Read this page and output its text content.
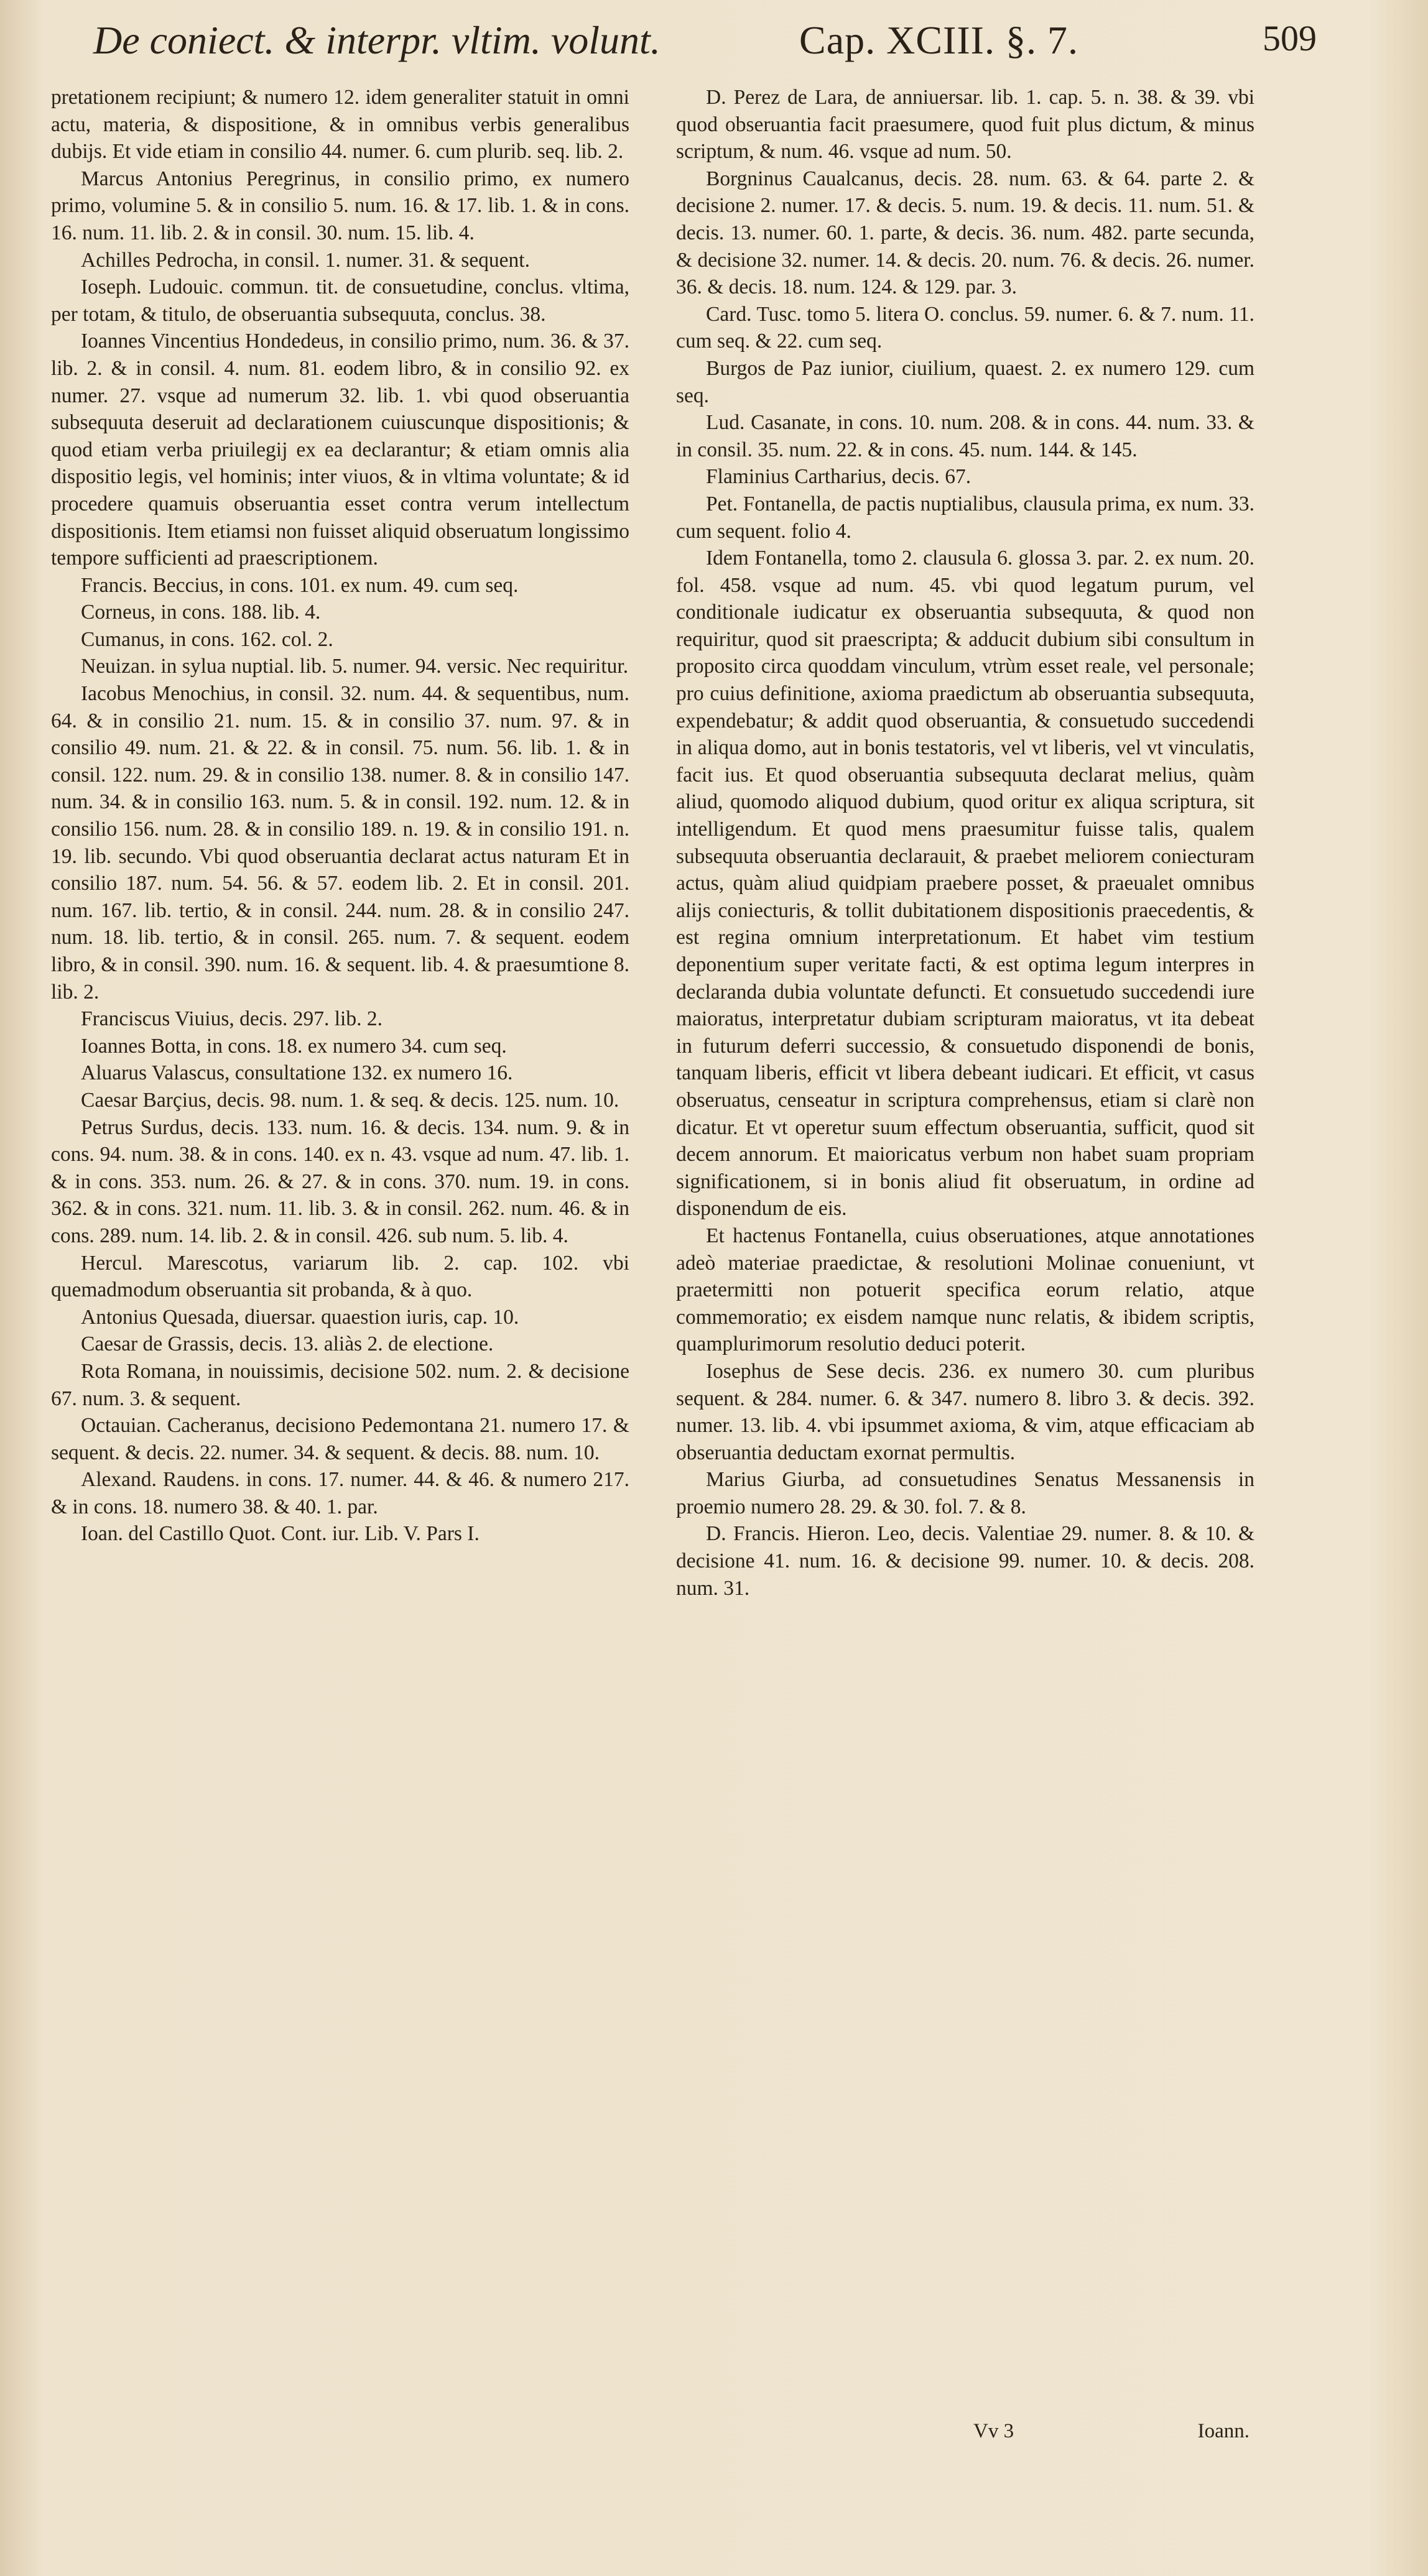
De coniect. & interpr. vltim. volunt.	Cap. XCIII. §. 7.	509

pretationem recipiunt; & numero 12. idem generaliter statuit in omni actu, materia, & dispositione, & in omnibus verbis generalibus dubijs. Et vide etiam in consilio 44. numer. 6. cum plurib. seq. lib. 2.

Marcus Antonius Peregrinus, in consilio primo, ex numero primo, volumine 5. & in consilio 5. num. 16. & 17. lib. 1. & in cons. 16. num. 11. lib. 2. & in consil. 30. num. 15. lib. 4.

Achilles Pedrocha, in consil. 1. numer. 31. & sequent.

Ioseph. Ludouic. commun. tit. de consuetudine, conclus. vltima, per totam, & titulo, de obseruantia subsequuta, conclus. 38.

Ioannes Vincentius Hondedeus, in consilio primo, num. 36. & 37. lib. 2. & in consil. 4. num. 81. eodem libro, & in consilio 92. ex numer. 27. vsque ad numerum 32. lib. 1. vbi quod obseruantia subsequuta deseruit ad declarationem cuiuscunque dispositionis; & quod etiam verba priuilegij ex ea declarantur; & etiam omnis alia dispositio legis, vel hominis; inter viuos, & in vltima voluntate; & id procedere quamuis obseruantia esset contra verum intellectum dispositionis. Item etiamsi non fuisset aliquid obseruatum longissimo tempore sufficienti ad praescriptionem.

Francis. Beccius, in cons. 101. ex num. 49. cum seq.

Corneus, in cons. 188. lib. 4.

Cumanus, in cons. 162. col. 2.

Neuizan. in sylua nuptial. lib. 5. numer. 94. versic. Nec requiritur.

Iacobus Menochius, in consil. 32. num. 44. & sequentibus, num. 64. & in consilio 21. num. 15. & in consilio 37. num. 97. & in consilio 49. num. 21. & 22. & in consil. 75. num. 56. lib. 1. & in consil. 122. num. 29. & in consilio 138. numer. 8. & in consilio 147. num. 34. & in consilio 163. num. 5. & in consil. 192. num. 12. & in consilio 156. num. 28. & in consilio 189. n. 19. & in consilio 191. n. 19. lib. secundo. Vbi quod obseruantia declarat actus naturam Et in consilio 187. num. 54. 56. & 57. eodem lib. 2. Et in consil. 201. num. 167. lib. tertio, & in consil. 244. num. 28. & in consilio 247. num. 18. lib. tertio, & in consil. 265. num. 7. & sequent. eodem libro, & in consil. 390. num. 16. & sequent. lib. 4. & praesumtione 8. lib. 2.

Franciscus Viuius, decis. 297. lib. 2.

Ioannes Botta, in cons. 18. ex numero 34. cum seq.

Aluarus Valascus, consultatione 132. ex numero 16.

Caesar Barçius, decis. 98. num. 1. & seq. & decis. 125. num. 10.

Petrus Surdus, decis. 133. num. 16. & decis. 134. num. 9. & in cons. 94. num. 38. & in cons. 140. ex n. 43. vsque ad num. 47. lib. 1. & in cons. 353. num. 26. & 27. & in cons. 370. num. 19. in cons. 362. & in cons. 321. num. 11. lib. 3. & in consil. 262. num. 46. & in cons. 289. num. 14. lib. 2. & in consil. 426. sub num. 5. lib. 4.

Hercul. Marescotus, variarum lib. 2. cap. 102. vbi quemadmodum obseruantia sit probanda, & à quo.

Antonius Quesada, diuersar. quaestion iuris, cap. 10.

Caesar de Grassis, decis. 13. aliàs 2. de electione.

Rota Romana, in nouissimis, decisione 502. num. 2. & decisione 67. num. 3. & sequent.

Octauian. Cacheranus, decisiono Pedemontana 21. numero 17. & sequent. & decis. 22. numer. 34. & sequent. & decis. 88. num. 10.

Alexand. Raudens. in cons. 17. numer. 44. & 46. & numero 217. & in cons. 18. numero 38. & 40. 1. par.

Ioan. del Castillo Quot. Cont. iur. Lib. V. Pars I.

D. Perez de Lara, de anniuersar. lib. 1. cap. 5. n. 38. & 39. vbi quod obseruantia facit praesumere, quod fuit plus dictum, & minus scriptum, & num. 46. vsque ad num. 50.

Borgninus Caualcanus, decis. 28. num. 63. & 64. parte 2. & decisione 2. numer. 17. & decis. 5. num. 19. & decis. 11. num. 51. & decis. 13. numer. 60. 1. parte, & decis. 36. num. 482. parte secunda, & decisione 32. numer. 14. & decis. 20. num. 76. & decis. 26. numer. 36. & decis. 18. num. 124. & 129. par. 3.

Card. Tusc. tomo 5. litera O. conclus. 59. numer. 6. & 7. num. 11. cum seq. & 22. cum seq.

Burgos de Paz iunior, ciuilium, quaest. 2. ex numero 129. cum seq.

Lud. Casanate, in cons. 10. num. 208. & in cons. 44. num. 33. & in consil. 35. num. 22. & in cons. 45. num. 144. & 145.

Flaminius Cartharius, decis. 67.

Pet. Fontanella, de pactis nuptialibus, clausula prima, ex num. 33. cum sequent. folio 4.

Idem Fontanella, tomo 2. clausula 6. glossa 3. par. 2. ex num. 20. fol. 458. vsque ad num. 45. vbi quod legatum purum, vel conditionale iudicatur ex obseruantia subsequuta, & quod non requiritur, quod sit praescripta; & adducit dubium sibi consultum in proposito circa quoddam vinculum, vtrùm esset reale, vel personale; pro cuius definitione, axioma praedictum ab obseruantia subsequuta, expendebatur; & addit quod obseruantia, & consuetudo succedendi in aliqua domo, aut in bonis testatoris, vel vt liberis, vel vt vinculatis, facit ius. Et quod obseruantia subsequuta declarat melius, quàm aliud, quomodo aliquod dubium, quod oritur ex aliqua scriptura, sit intelligendum. Et quod mens praesumitur fuisse talis, qualem subsequuta obseruantia declarauit, & praebet meliorem coniecturam actus, quàm aliud quidpiam praebere posset, & praeualet omnibus alijs coniecturis, & tollit dubitationem dispositionis praecedentis, & est regina omnium interpretationum. Et habet vim testium deponentium super veritate facti, & est optima legum interpres in declaranda dubia voluntate defuncti. Et consuetudo succedendi iure maioratus, interpretatur dubiam scripturam maioratus, vt ita debeat in futurum deferri successio, & consuetudo disponendi de bonis, tanquam liberis, efficit vt libera debeant iudicari. Et efficit, vt casus obseruatus, censeatur in scriptura comprehensus, etiam si clarè non dicatur. Et vt operetur suum effectum obseruantia, sufficit, quod sit decem annorum. Et maioricatus verbum non habet suam propriam significationem, si in bonis aliud fit obseruatum, in ordine ad disponendum de eis.

Et hactenus Fontanella, cuius obseruationes, atque annotationes adeò materiae praedictae, & resolutioni Molinae conueniunt, vt praetermitti non potuerit specifica eorum relatio, atque commemoratio; ex eisdem namque nunc relatis, & ibidem scriptis, quamplurimorum resolutio deduci poterit.

Iosephus de Sese decis. 236. ex numero 30. cum pluribus sequent. & 284. numer. 6. & 347. numero 8. libro 3. & decis. 392. numer. 13. lib. 4. vbi ipsummet axioma, & vim, atque efficaciam ab obseruantia deductam exornat permultis.

Marius Giurba, ad consuetudines Senatus Messanensis in proemio numero 28. 29. & 30. fol. 7. & 8.

D. Francis. Hieron. Leo, decis. Valentiae 29. numer. 8. & 10. & decisione 41. num. 16. & decisione 99. numer. 10. & decis. 208. num. 31.

Vv 3	Ioann.
